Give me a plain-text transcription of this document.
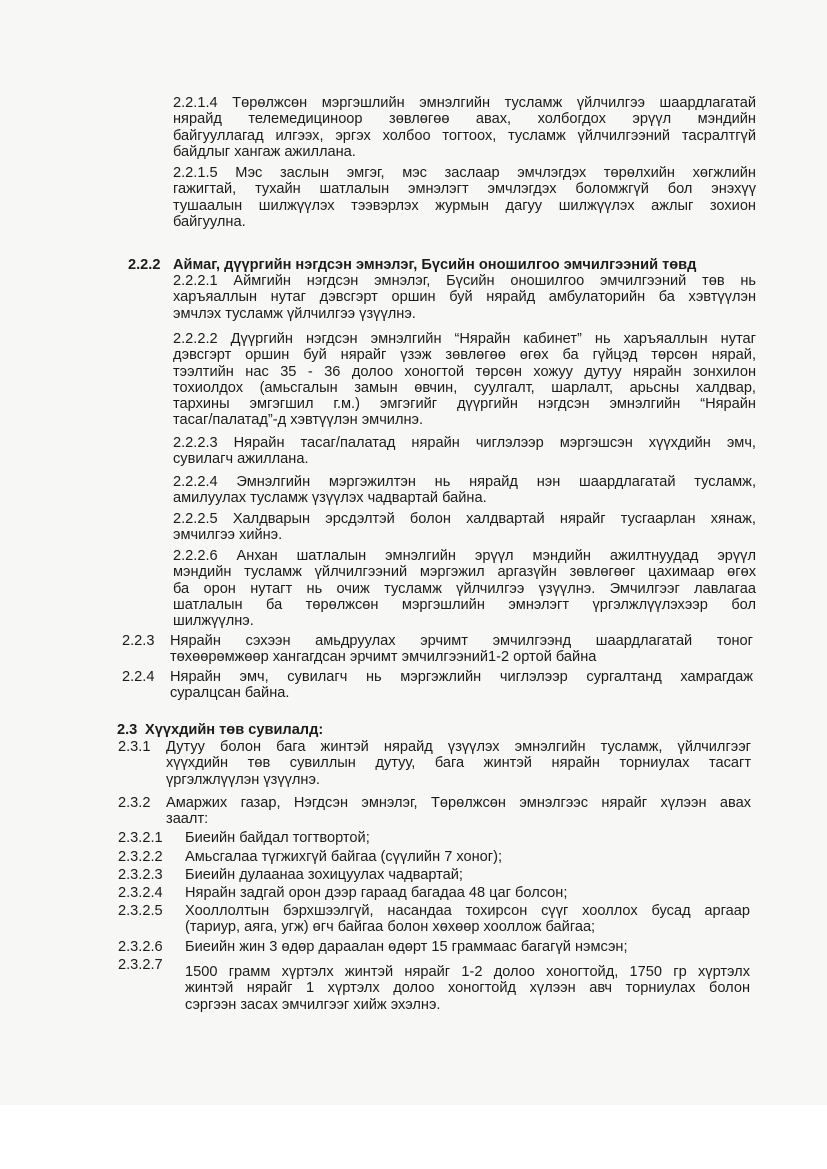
2.2.1.4 Төрөлжсөн мэргэшлийн эмнэлгийн тусламж үйлчилгээ шаардлагатай
нярайд телемедициноор зөвлөгөө авах, холбогдох эрүүл мэндийн
байгууллагад илгээх, эргэх холбоо тогтоох, тусламж үйлчилгээний тасралтгүй
байдлыг хангаж ажиллана.
2.2.1.5 Мэс заслын эмгэг, мэс заслаар эмчлэгдэх төрөлхийн хөгжлийн
гажигтай, тухайн шатлалын эмнэлэгт эмчлэгдэх боломжгүй бол энэхүү
тушаалын шилжүүлэх тээвэрлэх журмын дагуу шилжүүлэх ажлыг зохион
байгуулна.
2.2.2 Аймаг, дүүргийн нэгдсэн эмнэлэг, Бүсийн оношилгоо эмчилгээний төвд
2.2.2.1 Аймгийн нэгдсэн эмнэлэг, Бүсийн оношилгоо эмчилгээний төв нь
харъяаллын нутаг дэвсгэрт оршин буй нярайд амбулаторийн ба хэвтүүлэн
эмчлэх тусламж үйлчилгээ үзүүлнэ.
2.2.2.2 Дүүргийн нэгдсэн эмнэлгийн “Нярайн кабинет” нь харъяаллын нутаг
дэвсгэрт оршин буй нярайг үзэж зөвлөгөө өгөх ба гүйцэд төрсөн нярай,
тээлтийн нас 35 - 36 долоо хоногтой төрсөн хожуу дутуу нярайн зонхилон
тохиолдох (амьсгалын замын өвчин, суулгалт, шарлалт, арьсны халдвар,
тархины эмгэгшил г.м.) эмгэгийг дүүргийн нэгдсэн эмнэлгийн “Нярайн
тасаг/палатад”-д хэвтүүлэн эмчилнэ.
2.2.2.3 Нярайн тасаг/палатад нярайн чиглэлээр мэргэшсэн хүүхдийн эмч,
сувилагч ажиллана.
2.2.2.4 Эмнэлгийн мэргэжилтэн нь нярайд нэн шаардлагатай тусламж,
амилуулах тусламж үзүүлэх чадвартай байна.
2.2.2.5 Халдварын эрсдэлтэй болон халдвартай нярайг тусгаарлан хянаж,
эмчилгээ хийнэ.
2.2.2.6 Анхан шатлалын эмнэлгийн эрүүл мэндийн ажилтнуудад эрүүл
мэндийн тусламж үйлчилгээний мэргэжил аргазүйн зөвлөгөөг цахимаар өгөх
ба орон нутагт нь очиж тусламж үйлчилгээ үзүүлнэ. Эмчилгээг лавлагаа
шатлалын ба төрөлжсөн мэргэшлийн эмнэлэгт үргэлжлүүлэхээр бол
шилжүүлнэ.
2.2.3 Нярайн сэхээн амьдруулах эрчимт эмчилгээнд шаардлагатай тоног
төхөөрөмжөөр хангагдсан эрчимт эмчилгээний1-2 ортой байна
2.2.4 Нярайн эмч, сувилагч нь мэргэжлийн чиглэлээр сургалтанд хамрагдаж
суралцсан байна.
2.3 Хүүхдийн төв сувилалд:
2.3.1 Дутуу болон бага жинтэй нярайд үзүүлэх эмнэлгийн тусламж, үйлчилгээг
хүүхдийн төв сувиллын дутуу, бага жинтэй нярайн торниулах тасагт
үргэлжлүүлэн үзүүлнэ.
2.3.2 Амаржих газар, Нэгдсэн эмнэлэг, Төрөлжсөн эмнэлгээс нярайг хүлээн авах
заалт:
2.3.2.1 Биеийн байдал тогтвортой;
2.3.2.2 Амьсгалаа түгжихгүй байгаа (сүүлийн 7 хоног);
2.3.2.3 Биеийн дулаанаа зохицуулах чадвартай;
2.3.2.4 Нярайн задгай орон дээр гараад багадаа 48 цаг болсон;
2.3.2.5 Хооллолтын бэрхшээлгүй, насандаа тохирсон сүүг хооллох бусад аргаар
(тариур, аяга, угж) өгч байгаа болон хөхөөр хооллож байгаа;
2.3.2.6 Биеийн жин 3 өдөр дараалан өдөрт 15 граммаас багагүй нэмсэн;
2.3.2.7 1500 грамм хүртэлх жинтэй нярайг 1-2 долоо хоногтойд, 1750 гр хүртэлх
жинтэй нярайг 1 хүртэлх долоо хоногтойд хүлээн авч торниулах болон
сэргээн засах эмчилгээг хийж эхэлнэ.
